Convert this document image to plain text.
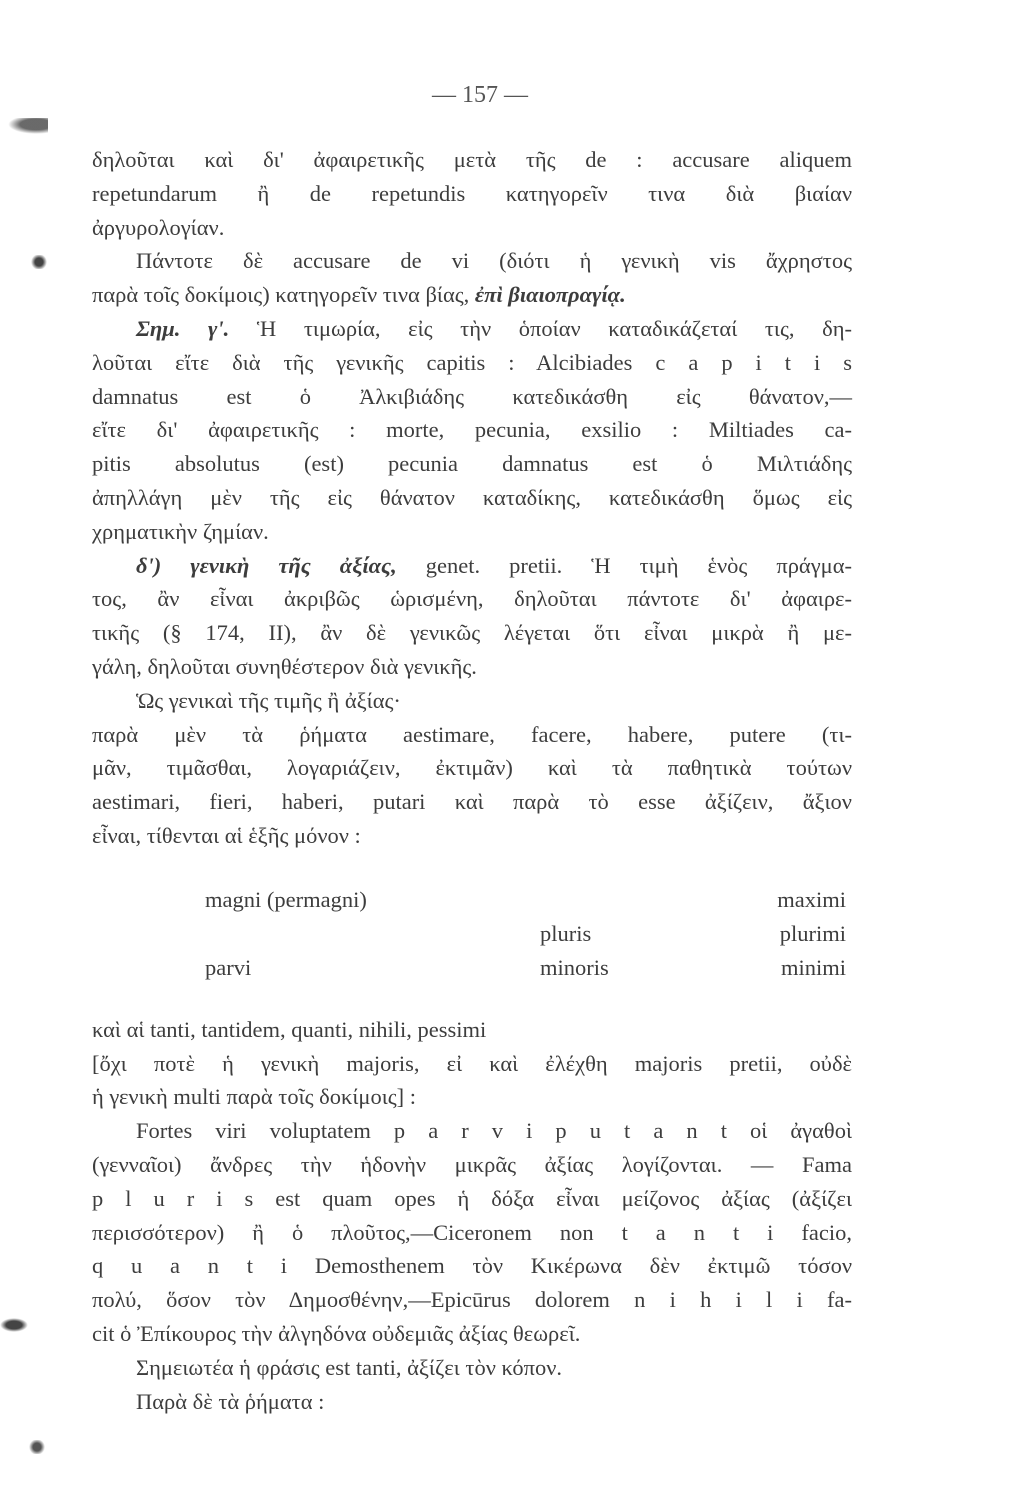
— 157 —
δηλοῦται καὶ δι' ἀφαιρετικῆς μετὰ τῆς de : accusare aliquem
repetundarum ἢ de repetundis κατηγορεῖν τινα διὰ βιαίαν
ἀργυρολογίαν.
Πάντοτε δὲ accusare de vi (διότι ἡ γενικὴ vis ἄχρηστος
παρὰ τοῖς δοκίμοις) κατηγορεῖν τινα βίας, ἐπὶ βιαιοπραγίᾳ.
Σημ. γ'. Ἡ τιμωρία, εἰς τὴν ὁποίαν καταδικάζεταί τις, δη-
λοῦται εἴτε διὰ τῆς γενικῆς capitis : Alcibiades c a p i t i s
damnatus est ὁ Ἀλκιβιάδης κατεδικάσθη εἰς θάνατον,—
εἴτε δι' ἀφαιρετικῆς : morte, pecunia, exsilio : Miltiades ca-
pitis absolutus (est) pecunia damnatus est ὁ Μιλτιάδης
ἀπηλλάγη μὲν τῆς εἰς θάνατον καταδίκης, κατεδικάσθη ὅμως εἰς
χρηματικὴν ζημίαν.
δ') γενικὴ τῆς ἀξίας, genet. pretii. Ἡ τιμὴ ἑνὸς πράγμα-
τος, ἂν εἶναι ἀκριβῶς ὡρισμένη, δηλοῦται πάντοτε δι' ἀφαιρε-
τικῆς (§ 174, II), ἂν δὲ γενικῶς λέγεται ὅτι εἶναι μικρὰ ἢ με-
γάλη, δηλοῦται συνηθέστερον διὰ γενικῆς.
Ὡς γενικαὶ τῆς τιμῆς ἢ ἀξίας·
παρὰ μὲν τὰ ῥήματα aestimare, facere, habere, putere (τι-
μᾶν, τιμᾶσθαι, λογαριάζειν, ἐκτιμᾶν) καὶ τὰ παθητικὰ τούτων
aestimari, fieri, haberi, putari καὶ παρὰ τὸ esse ἀξίζειν, ἄξιον
εἶναι, τίθενται αἱ ἑξῆς μόνον :
magni (permagni)		maximi
	pluris	plurimi
parvi	minoris	minimi
καὶ αἱ tanti, tantidem, quanti, nihili, pessimi
[ὄχι ποτὲ ἡ γενικὴ majoris, εἰ καὶ ἐλέχθη majoris pretii, οὐδὲ
ἡ γενικὴ multi παρὰ τοῖς δοκίμοις] :
Fortes viri voluptatem p a r v i p u t a n t οἱ ἀγαθοὶ
(γενναῖοι) ἄνδρες τὴν ἡδονὴν μικρᾶς ἀξίας λογίζονται. — Fama
p l u r i s est quam opes ἡ δόξα εἶναι μείζονος ἀξίας (ἀξίζει
περισσότερον) ἢ ὁ πλοῦτος,—Ciceronem non t a n t i facio,
q u a n t i Demosthenem τὸν Κικέρωνα δὲν ἐκτιμῶ τόσον
πολύ, ὅσον τὸν Δημοσθένην,—Epicūrus dolorem n i h i l i fa-
cit ὁ Ἐπίκουρος τὴν ἀλγηδόνα οὐδεμιᾶς ἀξίας θεωρεῖ.
Σημειωτέα ἡ φράσις est tanti, ἀξίζει τὸν κόπον.
Παρὰ δὲ τὰ ῥήματα :
